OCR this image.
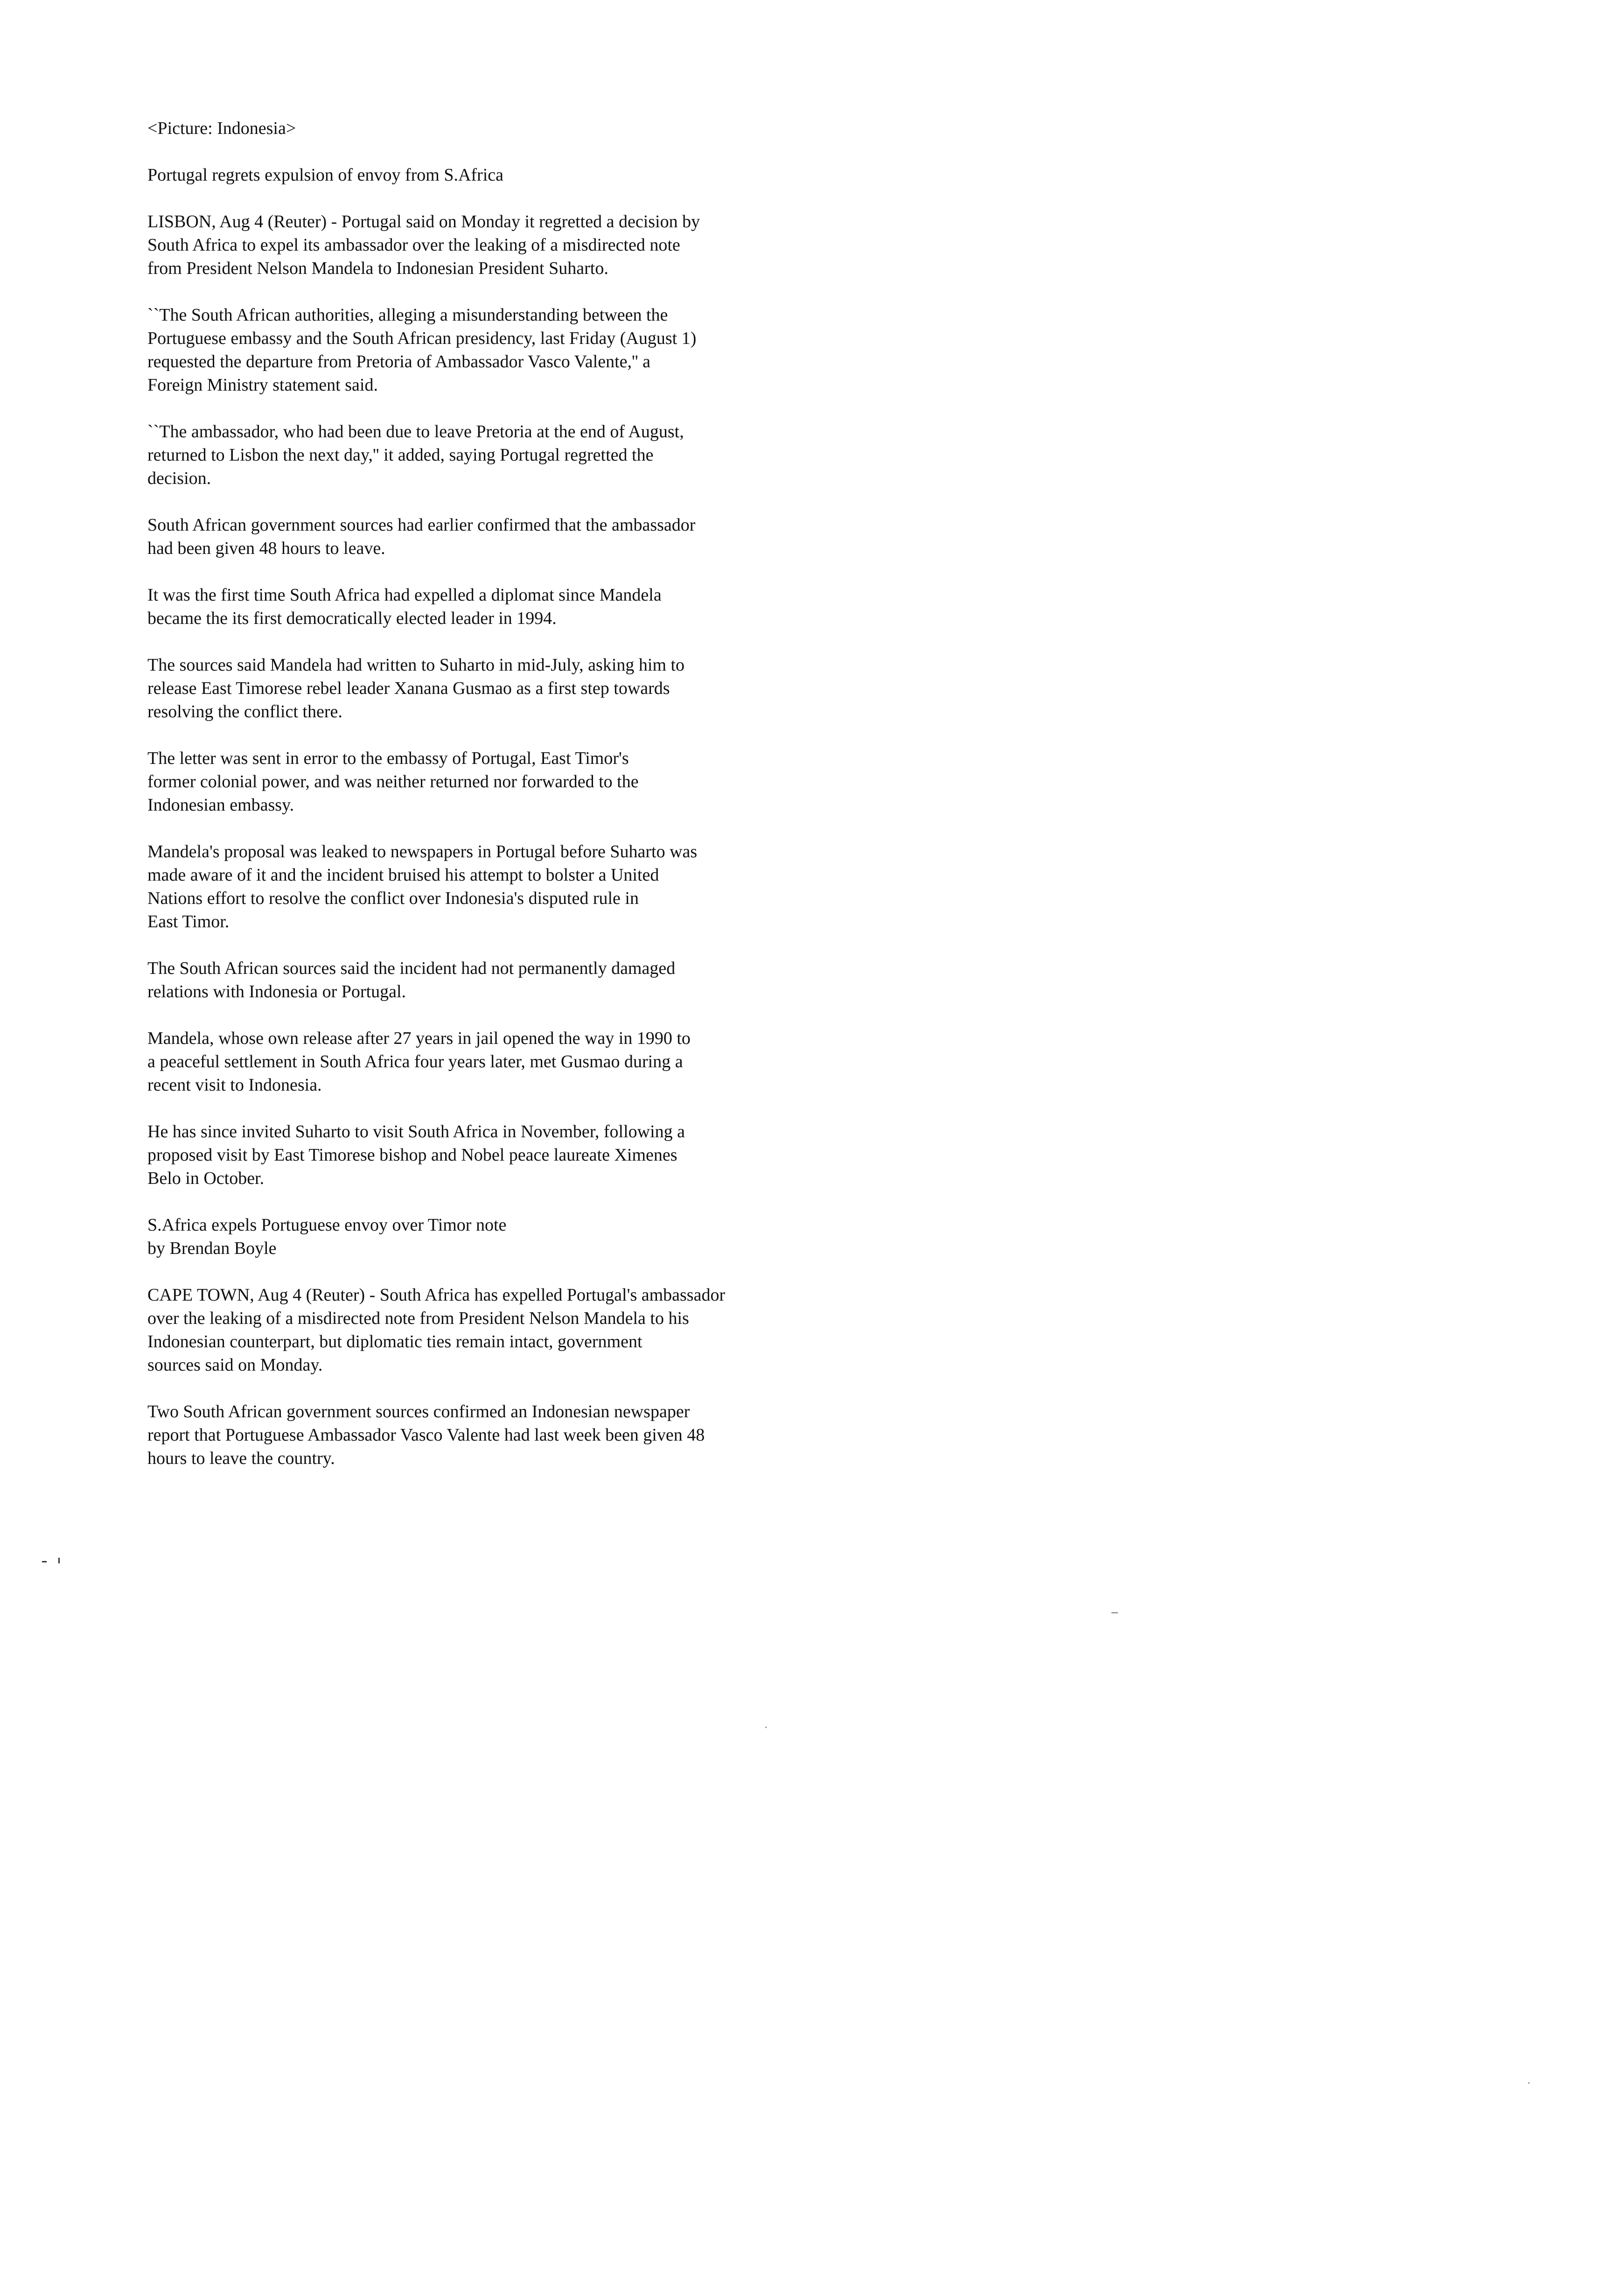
<Picture: Indonesia>
Portugal regrets expulsion of envoy from S.Africa
LISBON, Aug 4 (Reuter) - Portugal said on Monday it regretted a decision by
South Africa to expel its ambassador over the leaking of a misdirected note
from President Nelson Mandela to Indonesian President Suharto.
``The South African authorities, alleging a misunderstanding between the
Portuguese embassy and the South African presidency, last Friday (August 1)
requested the departure from Pretoria of Ambassador Vasco Valente,'' a
Foreign Ministry statement said.
``The ambassador, who had been due to leave Pretoria at the end of August,
returned to Lisbon the next day,'' it added, saying Portugal regretted the
decision.
South African government sources had earlier confirmed that the ambassador
had been given 48 hours to leave.
It was the first time South Africa had expelled a diplomat since Mandela
became the its first democratically elected leader in 1994.
The sources said Mandela had written to Suharto in mid-July, asking him to
release East Timorese rebel leader Xanana Gusmao as a first step towards
resolving the conflict there.
The letter was sent in error to the embassy of Portugal, East Timor's
former colonial power, and was neither returned nor forwarded to the
Indonesian embassy.
Mandela's proposal was leaked to newspapers in Portugal before Suharto was
made aware of it and the incident bruised his attempt to bolster a United
Nations effort to resolve the conflict over Indonesia's disputed rule in
East Timor.
The South African sources said the incident had not permanently damaged
relations with Indonesia or Portugal.
Mandela, whose own release after 27 years in jail opened the way in 1990 to
a peaceful settlement in South Africa four years later, met Gusmao during a
recent visit to Indonesia.
He has since invited Suharto to visit South Africa in November, following a
proposed visit by East Timorese bishop and Nobel peace laureate Ximenes
Belo in October.
S.Africa expels Portuguese envoy over Timor note
by Brendan Boyle
CAPE TOWN, Aug 4 (Reuter) - South Africa has expelled Portugal's ambassador
over the leaking of a misdirected note from President Nelson Mandela to his
Indonesian counterpart, but diplomatic ties remain intact, government
sources said on Monday.
Two South African government sources confirmed an Indonesian newspaper
report that Portuguese Ambassador Vasco Valente had last week been given 48
hours to leave the country.
